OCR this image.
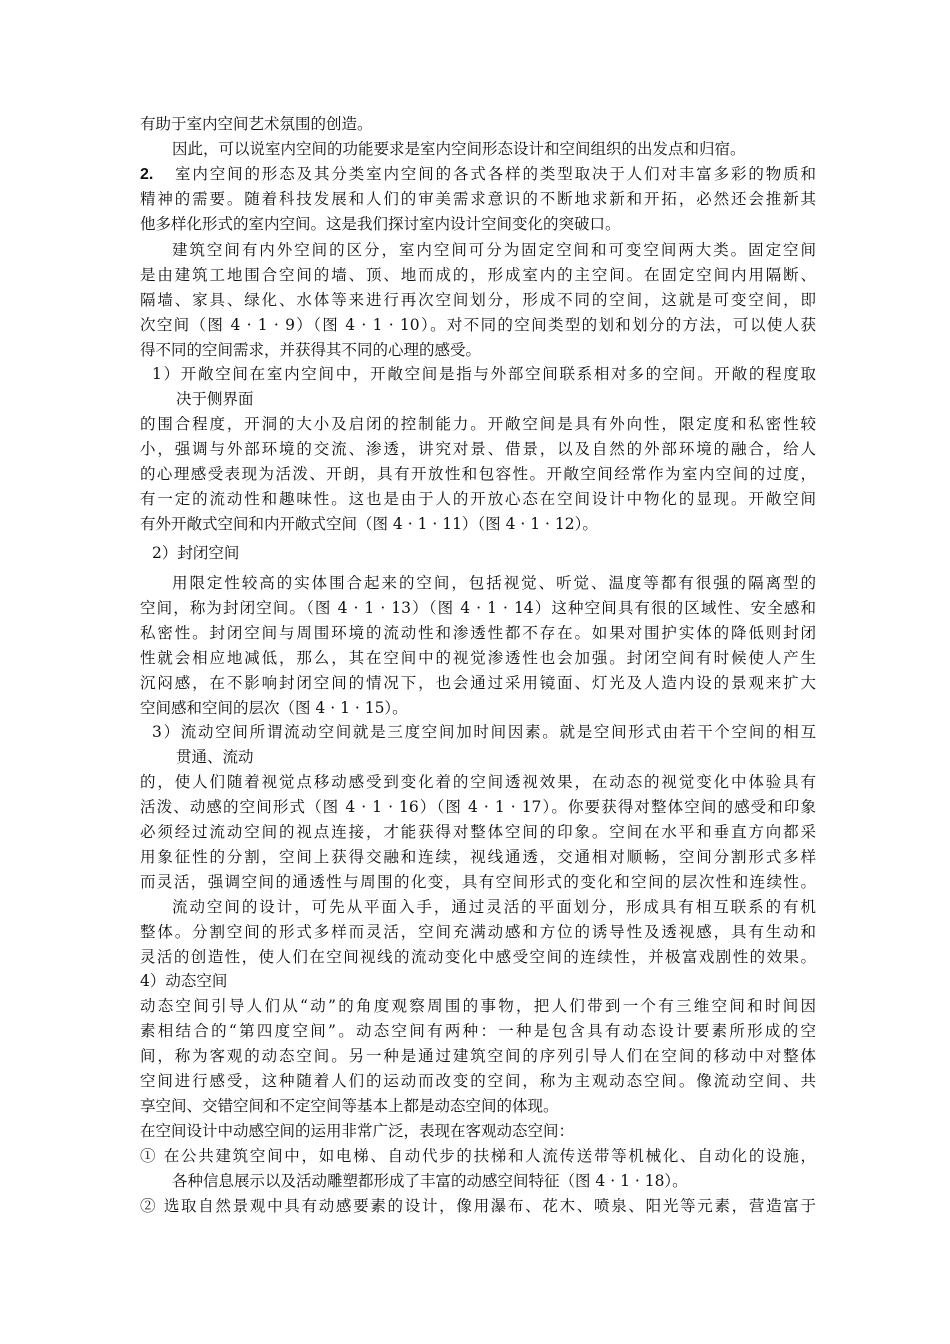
有助于室内空间艺术氛围的创造。
因此，可以说室内空间的功能要求是室内空间形态设计和空间组织的出发点和归宿。
2.	室内空间的形态及其分类室内空间的各式各样的类型取决于人们对丰富多彩的物质和
精神的需要。随着科技发展和人们的审美需求意识的不断地求新和开拓，必然还会推新其
他多样化形式的室内空间。这是我们探讨室内设计空间变化的突破口。
建筑空间有内外空间的区分，室内空间可分为固定空间和可变空间两大类。固定空间
是由建筑工地围合空间的墙、顶、地而成的，形成室内的主空间。在固定空间内用隔断、
隔墙、家具、绿化、水体等来进行再次空间划分，形成不同的空间，这就是可变空间，即
次空间（图 4 · 1 · 9）（图 4 · 1 · 10）。对不同的空间类型的划和划分的方法，可以使人获
得不同的空间需求，并获得其不同的心理的感受。
1）开敞空间在室内空间中，开敞空间是指与外部空间联系相对多的空间。开敞的程度取
决于侧界面
的围合程度，开洞的大小及启闭的控制能力。开敞空间是具有外向性，限定度和私密性较
小，强调与外部环境的交流、渗透，讲究对景、借景，以及自然的外部环境的融合，给人
的心理感受表现为活泼、开朗，具有开放性和包容性。开敞空间经常作为室内空间的过度，
有一定的流动性和趣味性。这也是由于人的开放心态在空间设计中物化的显现。开敞空间
有外开敞式空间和内开敞式空间（图 4 · 1 · 11）（图 4 · 1 · 12）。
2）封闭空间
用限定性较高的实体围合起来的空间，包括视觉、听觉、温度等都有很强的隔离型的
空间，称为封闭空间。（图 4 · 1 · 13）（图 4 · 1 · 14）这种空间具有很的区域性、安全感和
私密性。封闭空间与周围环境的流动性和渗透性都不存在。如果对围护实体的降低则封闭
性就会相应地减低，那么，其在空间中的视觉渗透性也会加强。封闭空间有时候使人产生
沉闷感，在不影响封闭空间的情况下，也会通过采用镜面、灯光及人造内设的景观来扩大
空间感和空间的层次（图 4 · 1 · 15）。
3）流动空间所谓流动空间就是三度空间加时间因素。就是空间形式由若干个空间的相互
贯通、流动
的，使人们随着视觉点移动感受到变化着的空间透视效果，在动态的视觉变化中体验具有
活泼、动感的空间形式（图 4 · 1 · 16）（图 4 · 1 · 17）。你要获得对整体空间的感受和印象
必须经过流动空间的视点连接，才能获得对整体空间的印象。空间在水平和垂直方向都采
用象征性的分割，空间上获得交融和连续，视线通透，交通相对顺畅，空间分割形式多样
而灵活，强调空间的通透性与周围的化变，具有空间形式的变化和空间的层次性和连续性。
流动空间的设计，可先从平面入手，通过灵活的平面划分，形成具有相互联系的有机
整体。分割空间的形式多样而灵活，空间充满动感和方位的诱导性及透视感，具有生动和
灵活的创造性，使人们在空间视线的流动变化中感受空间的连续性，并极富戏剧性的效果。
4）动态空间
动态空间引导人们从“动”的角度观察周围的事物，把人们带到一个有三维空间和时间因
素相结合的“第四度空间”。动态空间有两种：一种是包含具有动态设计要素所形成的空
间，称为客观的动态空间。另一种是通过建筑空间的序列引导人们在空间的移动中对整体
空间进行感受，这种随着人们的运动而改变的空间，称为主观动态空间。像流动空间、共
享空间、交错空间和不定空间等基本上都是动态空间的体现。
在空间设计中动感空间的运用非常广泛，表现在客观动态空间：
① 在公共建筑空间中，如电梯、自动代步的扶梯和人流传送带等机械化、自动化的设施，
各种信息展示以及活动雕塑都形成了丰富的动感空间特征（图 4 · 1 · 18）。
② 选取自然景观中具有动感要素的设计，像用瀑布、花木、喷泉、阳光等元素，营造富于
